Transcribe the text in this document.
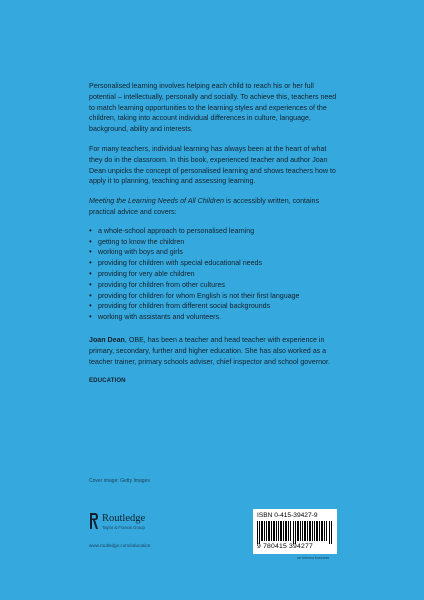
Personalised learning involves helping each child to reach his or her full potential – intellectually, personally and socially. To achieve this, teachers need to match learning opportunities to the learning styles and experiences of the children, taking into account individual differences in culture, language, background, ability and interests.

For many teachers, individual learning has always been at the heart of what they do in the classroom. In this book, experienced teacher and author Joan Dean unpicks the concept of personalised learning and shows teachers how to apply it to planning, teaching and assessing learning.

Meeting the Learning Needs of All Children is accessibly written, contains practical advice and covers:

• a whole-school approach to personalised learning
• getting to know the children
• working with boys and girls
• providing for children with special educational needs
• providing for very able children
• providing for children from other cultures
• providing for children for whom English is not their first language
• providing for children from different social backgrounds
• working with assistants and volunteers.

Joan Dean, OBE, has been a teacher and head teacher with experience in primary, secondary, further and higher education. She has also worked as a teacher trainer, primary schools adviser, chief inspector and school governor.

EDUCATION
Cover image: Getty Images
Routledge
Taylor & Francis Group
www.routledge.com/education
ISBN 0-415-39427-9
9 780415 394277
an informa business
